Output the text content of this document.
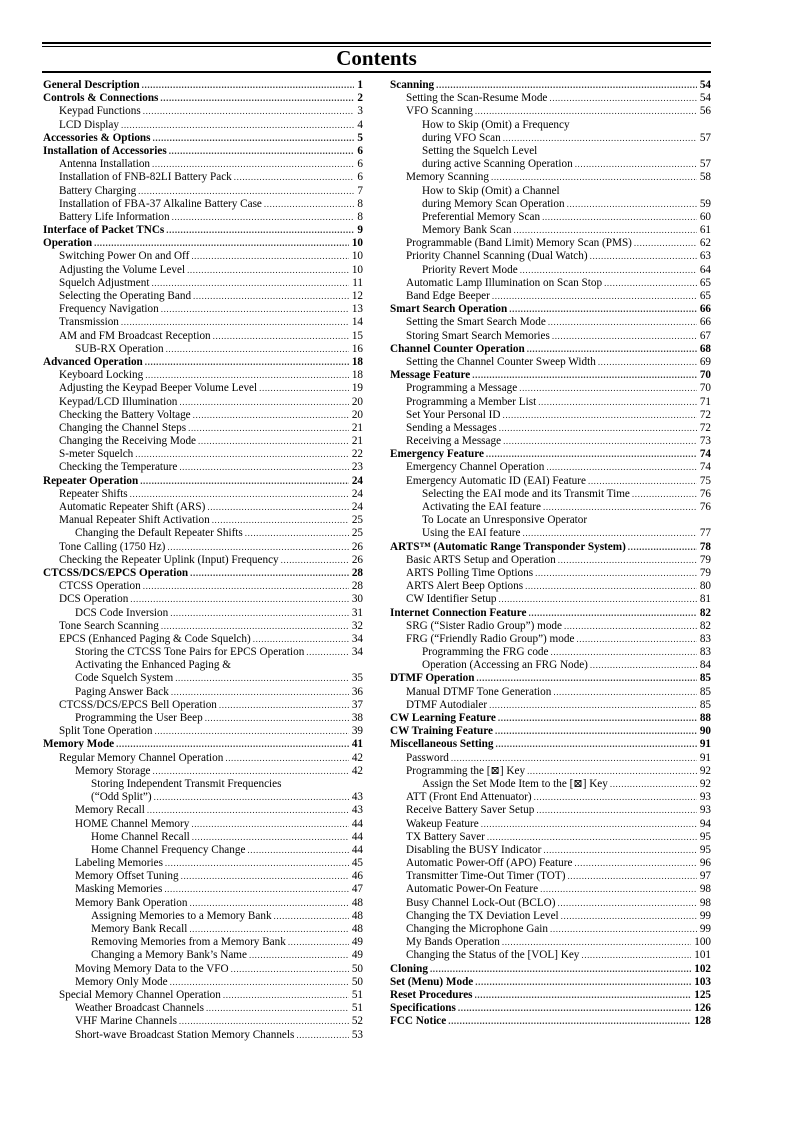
Contents
General Description .....	1
Controls & Connections .....	2
Keypad Functions .....	3
LCD Display .....	4
Accessories & Options .....	5
Installation of Accessories .....	6
Antenna Installation .....	6
Installation of FNB-82LI Battery Pack .....	6
Battery Charging .....	7
Installation of FBA-37 Alkaline Battery Case .....	8
Battery Life Information .....	8
Interface of Packet TNCs .....	9
Operation .....	10
Switching Power On and Off .....	10
Adjusting the Volume Level .....	10
Squelch Adjustment .....	11
Selecting the Operating Band .....	12
Frequency Navigation .....	13
Transmission .....	14
AM and FM Broadcast Reception .....	15
SUB-RX Operation .....	16
Advanced Operation .....	18
Keyboard Locking .....	18
Adjusting the Keypad Beeper Volume Level .....	19
Keypad/LCD Illumination .....	20
Checking the Battery Voltage .....	20
Changing the Channel Steps .....	21
Changing the Receiving Mode .....	21
S-meter Squelch .....	22
Checking the Temperature .....	23
Repeater Operation .....	24
Repeater Shifts .....	24
Automatic Repeater Shift (ARS) .....	24
Manual Repeater Shift Activation .....	25
Changing the Default Repeater Shifts .....	25
Tone Calling (1750 Hz) .....	26
Checking the Repeater Uplink (Input) Frequency .....	26
CTCSS/DCS/EPCS Operation .....	28
CTCSS Operation .....	28
DCS Operation .....	30
DCS Code Inversion .....	31
Tone Search Scanning .....	32
EPCS (Enhanced Paging & Code Squelch) .....	34
Storing the CTCSS Tone Pairs for EPCS Operation .....	34
Activating the Enhanced Paging &
Code Squelch System .....	35
Paging Answer Back .....	36
CTCSS/DCS/EPCS Bell Operation .....	37
Programming the User Beep .....	38
Split Tone Operation .....	39
Memory Mode .....	41
Regular Memory Channel Operation .....	42
Memory Storage .....	42
Storing Independent Transmit Frequencies
(“Odd Split”) .....	43
Memory Recall .....	43
HOME Channel Memory .....	44
Home Channel Recall .....	44
Home Channel Frequency Change .....	44
Labeling Memories .....	45
Memory Offset Tuning .....	46
Masking Memories .....	47
Memory Bank Operation .....	48
Assigning Memories to a Memory Bank .....	48
Memory Bank Recall .....	48
Removing Memories from a Memory Bank .....	49
Changing a Memory Bank’s Name .....	49
Moving Memory Data to the VFO .....	50
Memory Only Mode .....	50
Special Memory Channel Operation .....	51
Weather Broadcast Channels .....	51
VHF Marine Channels .....	52
Short-wave Broadcast Station Memory Channels .....	53
Scanning .....	54
Setting the Scan-Resume Mode .....	54
VFO Scanning .....	56
How to Skip (Omit) a Frequency
during VFO Scan .....	57
Setting the Squelch Level
during active Scanning Operation .....	57
Memory Scanning .....	58
How to Skip (Omit) a Channel
during Memory Scan Operation .....	59
Preferential Memory Scan .....	60
Memory Bank Scan .....	61
Programmable (Band Limit) Memory Scan (PMS) .....	62
Priority Channel Scanning (Dual Watch) .....	63
Priority Revert Mode .....	64
Automatic Lamp Illumination on Scan Stop .....	65
Band Edge Beeper .....	65
Smart Search Operation .....	66
Setting the Smart Search Mode .....	66
Storing Smart Search Memories .....	67
Channel Counter Operation .....	68
Setting the Channel Counter Sweep Width .....	69
Message Feature .....	70
Programming a Message .....	70
Programming a Member List .....	71
Set Your Personal ID .....	72
Sending a Messages .....	72
Receiving a Message .....	73
Emergency Feature .....	74
Emergency Channel Operation .....	74
Emergency Automatic ID (EAI) Feature .....	75
Selecting the EAI mode and its Transmit Time .....	76
Activating the EAI feature .....	76
To Locate an Unresponsive Operator
Using the EAI feature .....	77
ARTS™ (Automatic Range Transponder System) .....	78
Basic ARTS Setup and Operation .....	79
ARTS Polling Time Options .....	79
ARTS Alert Beep Options .....	80
CW Identifier Setup .....	81
Internet Connection Feature .....	82
SRG (“Sister Radio Group”) mode .....	82
FRG (“Friendly Radio Group”) mode .....	83
Programming the FRG code .....	83
Operation (Accessing an FRG Node) .....	84
DTMF Operation .....	85
Manual DTMF Tone Generation .....	85
DTMF Autodialer .....	85
CW Learning Feature .....	88
CW Training Feature .....	90
Miscellaneous Setting .....	91
Password .....	91
Programming the [⊠] Key .....	92
Assign the Set Mode Item to the [⊠] Key .....	92
ATT (Front End Attenuator) .....	93
Receive Battery Saver Setup .....	93
Wakeup Feature .....	94
TX Battery Saver .....	95
Disabling the BUSY Indicator .....	95
Automatic Power-Off (APO) Feature .....	96
Transmitter Time-Out Timer (TOT) .....	97
Automatic Power-On Feature .....	98
Busy Channel Lock-Out (BCLO) .....	98
Changing the TX Deviation Level .....	99
Changing the Microphone Gain .....	99
My Bands Operation .....	100
Changing the Status of the [VOL] Key .....	101
Cloning .....	102
Set (Menu) Mode .....	103
Reset Procedures .....	125
Specifications .....	126
FCC Notice .....	128
